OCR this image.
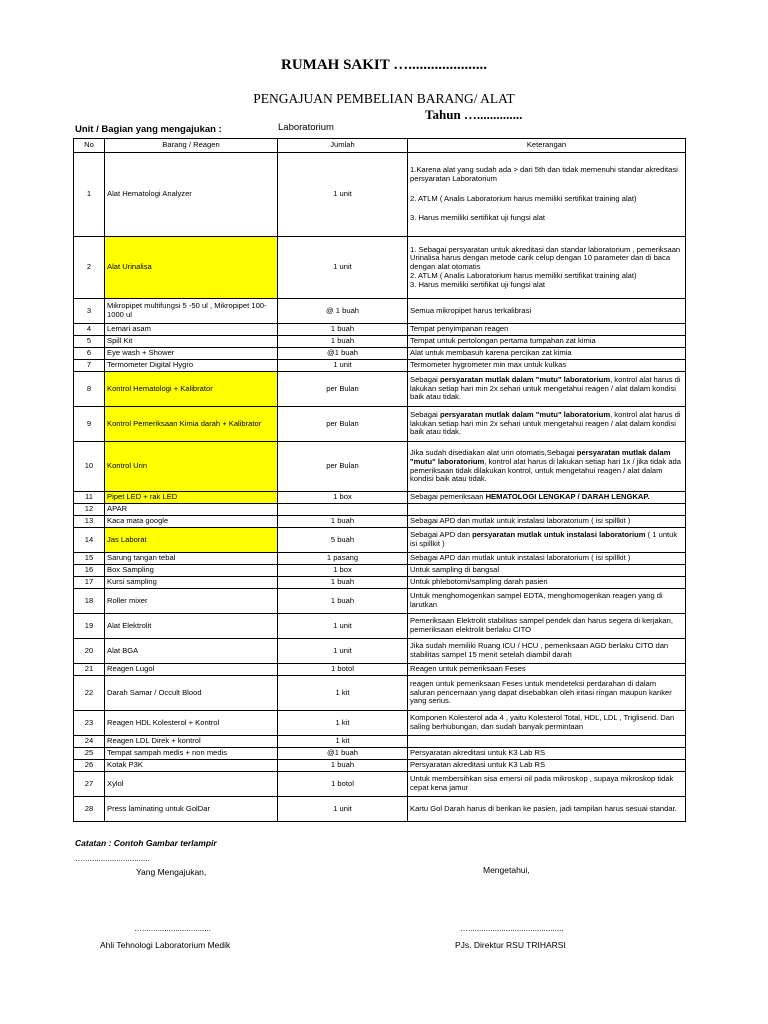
RUMAH SAKIT ….....................
PENGAJUAN PEMBELIAN BARANG/ ALAT
Tahun …..............
Unit / Bagian yang mengajukan :	Laboratorium
No	Barang / Reagen	Jumlah	Keterangan
1	Alat Hematologi Analyzer	1 unit	1.Karena alat yang sudah ada > dari 5th dan tidak memenuhi standar akreditasi persyaratan Laboratorium
2. ATLM ( Analis Laboratorium harus memiliki sertifikat training alat)
3. Harus memiliki sertifikat uji fungsi alat

2	Alat Urinalisa	1 unit	1. Sebagai persyaratan untuk akreditasi dan standar laboratorium , pemeriksaan Urinalisa harus dengan metode carik celup dengan 10 parameter dan di baca dengan alat otomatis
2. ATLM ( Analis Laboratorium harus memiliki sertifikat training alat)
3. Harus memiliki sertifikat uji fungsi alat

3	Mikropipet multifungsi 5 -50 ul , Mikropipet 100-1000 ul	@ 1 buah	Semua mikropipet harus terkalibrasi

4	Lemari asam	1 buah	Tempat penyimpanan reagen

5	Spill Kit	1 buah	Tempat untuk pertolongan pertama tumpahan zat kimia

6	Eye wash + Shower	@1 buah	Alat untuk membasuh karena percikan zat kimia

7	Termometer Digital Hygro	1 unit	Termometer hygrometer min max untuk kulkas

8	Kontrol Hematologi + Kalibrator	per Bulan	Sebagai persyaratan mutlak dalam "mutu" laboratorium, kontrol alat harus di lakukan setiap hari min 2x sehari untuk mengetahui reagen / alat dalam kondisi baik atau tidak.
9	Kontrol Pemeriksaan Kimia darah + Kalibrator	per Bulan	Sebagai persyaratan mutlak dalam "mutu" laboratorium, kontrol alat harus di lakukan setiap hari min 2x sehari untuk mengetahui reagen / alat dalam kondisi baik atau tidak.
10	Kontrol Urin	per Bulan	Jika sudah disediakan alat urin otomatis,Sebagai persyaratan mutlak dalam "mutu" laboratorium, kontrol alat harus di lakukan setiap hari 1x / jika tidak ada pemeriksaan tidak dilakukan kontrol, untuk mengetahui reagen / alat dalam kondisi baik atau tidak.
11	Pipet LED + rak LED	1 box	Sebagai pemeriksaan HEMATOLOGI LENGKAP / DARAH LENGKAP.
12	APAR		

13	Kaca mata google	1 buah	Sebagai APD dan mutlak untuk instalasi laboratorium ( isi spillkit )

14	Jas Laborat	5 buah	Sebagai APD dan persyaratan mutlak untuk instalasi laboratorium ( 1 untuk isi spillkit )
15	Sarung tangan tebal	1 pasang	Sebagai APD dan mutlak untuk instalasi laboratorium ( isi spillkit )

16	Box Sampling	1 box	Untuk sampling di bangsal

17	Kursi sampling	1 buah	Untuk phlebotomi/sampling darah pasien

18	Roller mixer	1 buah	Untuk menghomogenkan sampel EDTA, menghomogenkan reagen yang di larutkan

19	Alat Elektrolit	1 unit	Pemeriksaan Elektrolit stabilitas sampel pendek dan harus segera di kerjakan, pemeriksaan elektrolit berlaku CITO

20	Alat BGA	1 unit	Jika sudah memiliki Ruang ICU / HCU , pemeriksaan AGD berlaku CITO dan stabilitas sampel 15 menit setelah diambil darah

21	Reagen Lugol	1 botol	Reagen untuk pemeriksaan Feses

22	Darah Samar / Occult Blood	1 kit	reagen untuk pemeriksaan Feses untuk mendeteksi perdarahan di dalam saluran pencernaan yang dapat disebabkan oleh iritasi ringan maupun kanker yang serius.

23	Reagen HDL Kolesterol + Kontrol	1 kit	Komponen Kolesterol ada 4 , yaitu Kolesterol Total, HDL, LDL , Trigliserid. Dan saling berhubungan, dan sudah banyak permintaan

24	Reagen LDL Direk + kontrol	1 kit	

25	Tempat sampah medis + non medis	@1 buah	Persyaratan akreditasi untuk K3 Lab RS

26	Kotak P3K	1 buah	Persyaratan akreditasi untuk K3 Lab RS

27	Xylol	1 botol	Untuk membersihkan sisa emersi oil pada mikroskop , supaya mikroskop tidak cepat kena jamur

28	Press laminating untuk GolDar	1 unit	Kartu Gol Darah harus di berikan ke pasien, jadi tampilan harus sesuai standar.
Catatan : Contoh Gambar terlampir
…..............................
Yang Mengajukan,	Mengetahui,
…...............................	…...........................................
Ahli Tehnologi Laboratorium Medik	PJs. Direktur RSU TRIHARSI
